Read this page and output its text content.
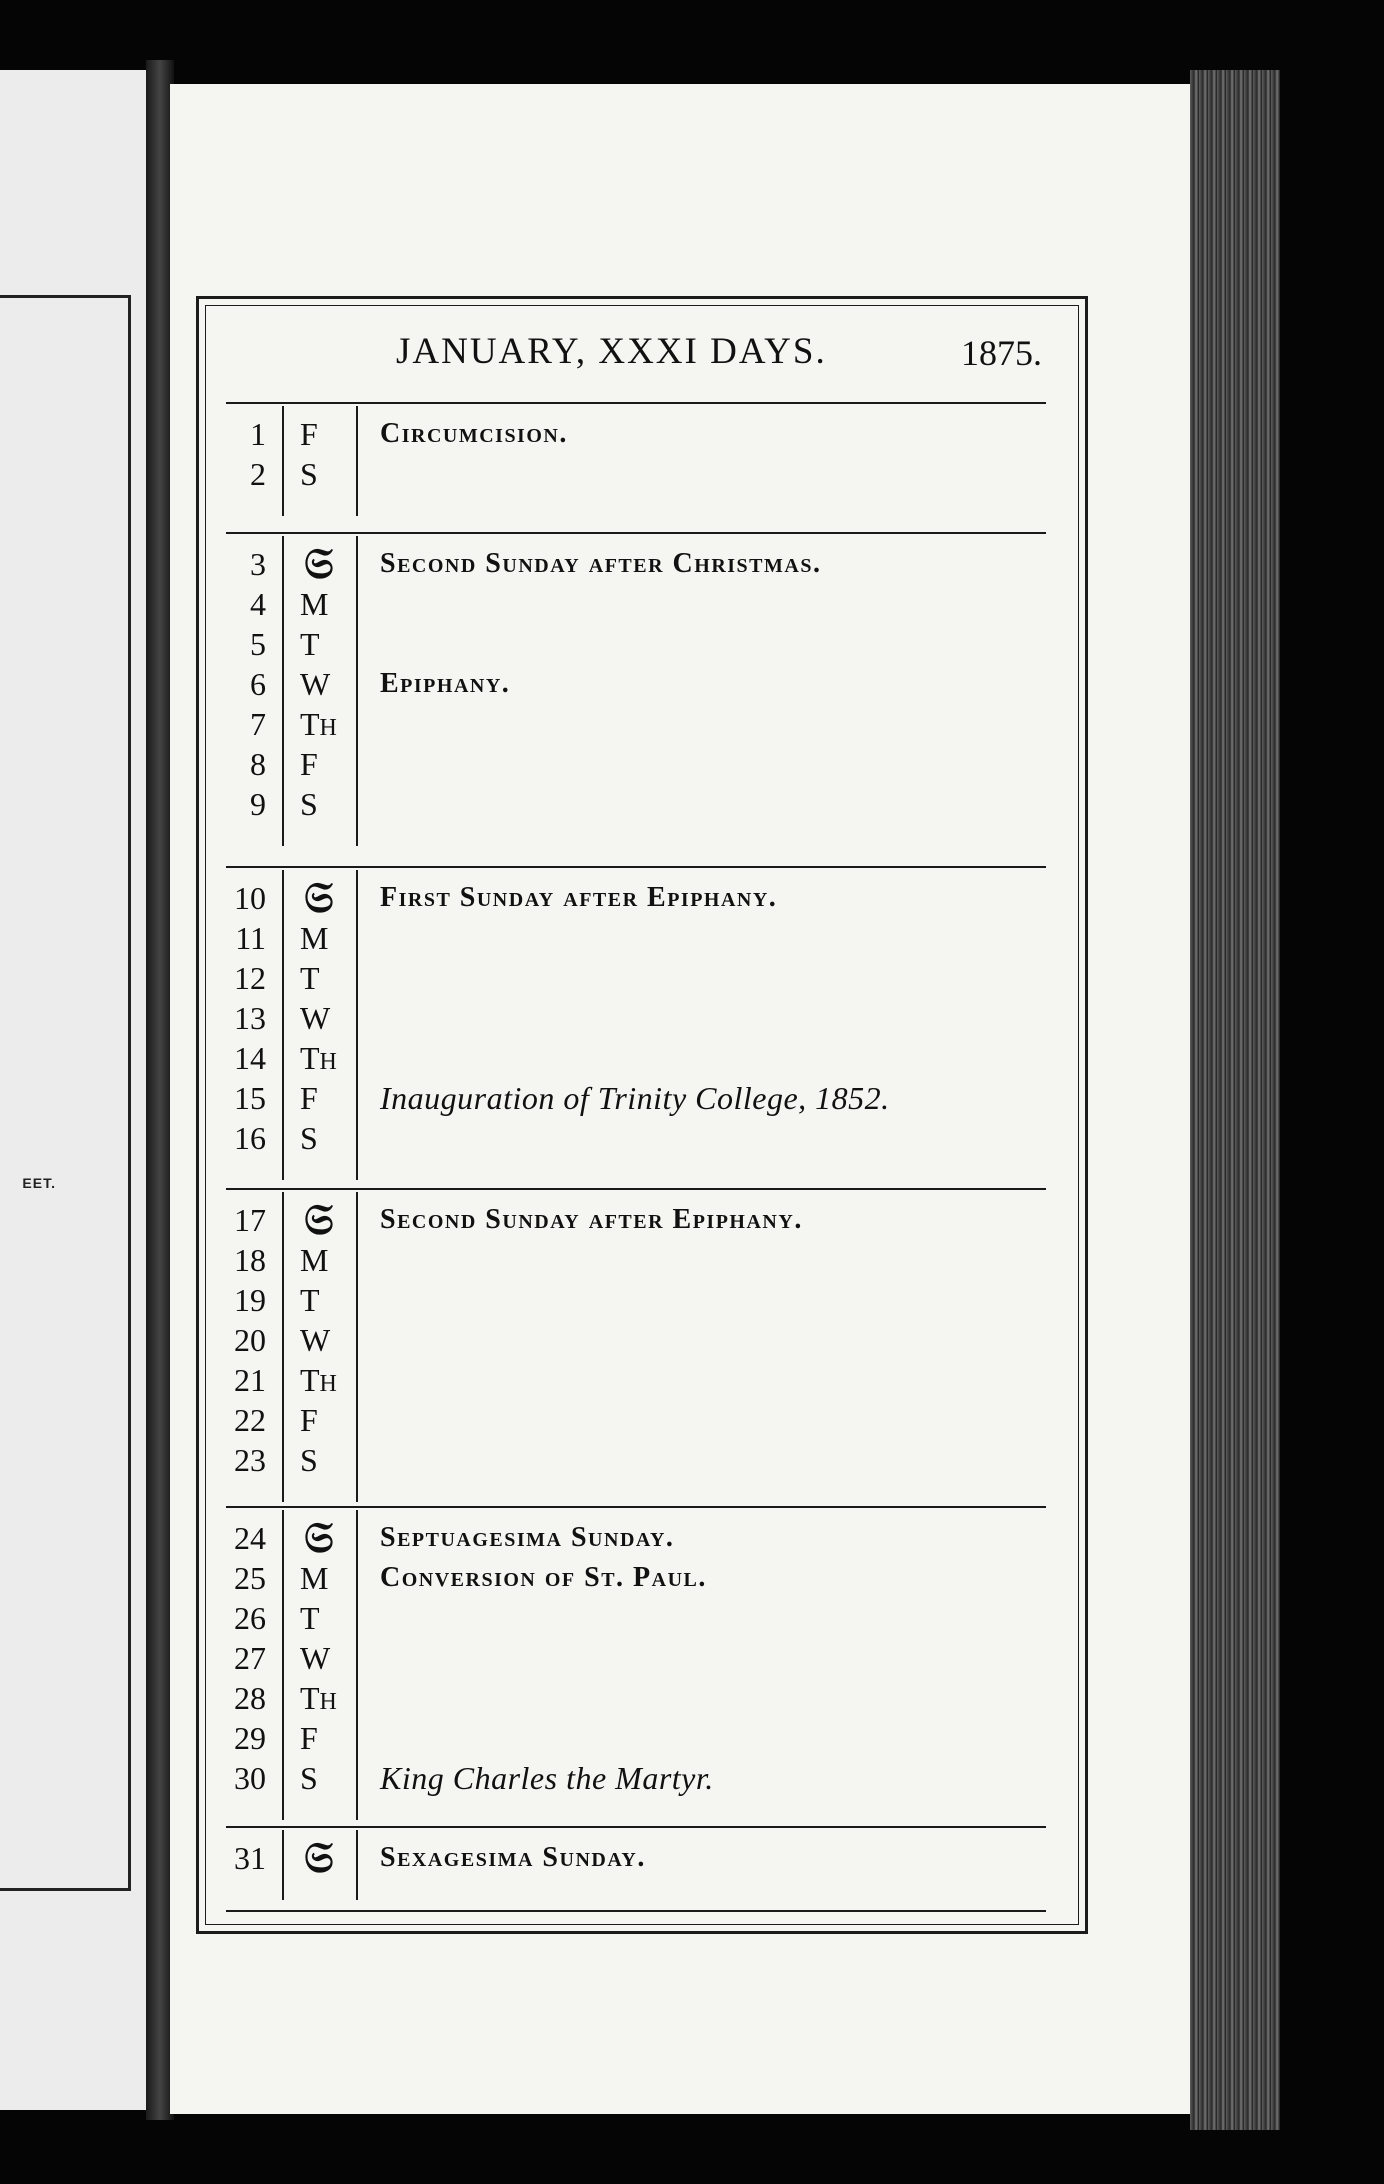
EET.
JANUARY, XXXI DAYS.	1875.
1 F Circumcision.
2 S
3 𝔖 Second Sunday after Christmas.
4 M
5 T
6 W Epiphany.
7 TH
8 F
9 S
10 𝔖 First Sunday after Epiphany.
11 M
12 T
13 W
14 TH
15 F Inauguration of Trinity College, 1852.
16 S
17 𝔖 Second Sunday after Epiphany.
18 M
19 T
20 W
21 TH
22 F
23 S
24 𝔖 Septuagesima Sunday.
25 M Conversion of St. Paul.
26 T
27 W
28 TH
29 F
30 S King Charles the Martyr.
31 𝔖 Sexagesima Sunday.
